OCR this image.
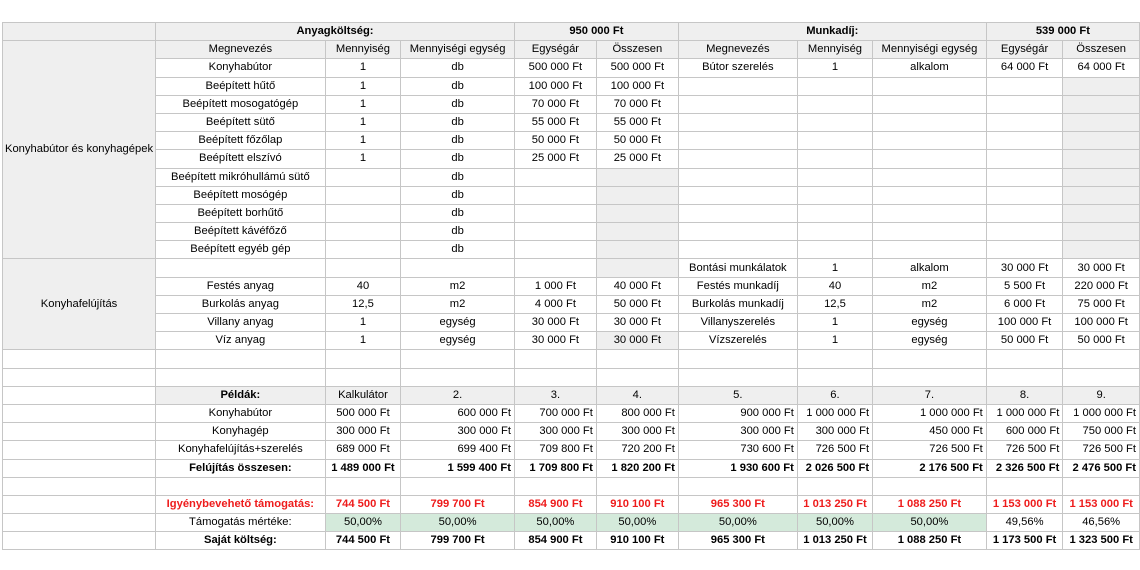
	Anyagköltség:			950 000 Ft		Munkadíj:			539 000 Ft	
Konyhabútor és konyhagépek	Megnevezés	Mennyiség	Mennyiségi egység	Egységár	Összesen	Megnevezés	Mennyiség	Mennyiségi egység	Egységár	Összesen
	Konyhabútor	1	db	500 000 Ft	500 000 Ft	Bútor szerelés	1	alkalom	64 000 Ft	64 000 Ft
	Beépített hűtő	1	db	100 000 Ft	100 000 Ft					
	Beépített mosogatógép	1	db	70 000 Ft	70 000 Ft					
	Beépített sütő	1	db	55 000 Ft	55 000 Ft					
	Beépített főzőlap	1	db	50 000 Ft	50 000 Ft					
	Beépített elszívó	1	db	25 000 Ft	25 000 Ft					
	Beépített mikróhullámú sütő		db							
	Beépített mosógép		db							
	Beépített borhűtő		db							
	Beépített kávéfőző		db							
	Beépített egyéb gép		db							
Konyhafelújítás						Bontási munkálatok	1	alkalom	30 000 Ft	30 000 Ft
	Festés anyag	40	m2	1 000 Ft	40 000 Ft	Festés munkadíj	40	m2	5 500 Ft	220 000 Ft
	Burkolás anyag	12,5	m2	4 000 Ft	50 000 Ft	Burkolás munkadíj	12,5	m2	6 000 Ft	75 000 Ft
	Villany anyag	1	egység	30 000 Ft	30 000 Ft	Villanyszerelés	1	egység	100 000 Ft	100 000 Ft
	Víz anyag	1	egység	30 000 Ft	30 000 Ft	Vízszerelés	1	egység	50 000 Ft	50 000 Ft

	Példák:	Kalkulátor	2.	3.	4.	5.	6.	7.	8.	9.
	Konyhabútor	500 000 Ft	600 000 Ft	700 000 Ft	800 000 Ft	900 000 Ft	1 000 000 Ft	1 000 000 Ft	1 000 000 Ft	1 000 000 Ft
	Konyhagép	300 000 Ft	300 000 Ft	300 000 Ft	300 000 Ft	300 000 Ft	300 000 Ft	450 000 Ft	600 000 Ft	750 000 Ft
	Konyhafelújítás+szerelés	689 000 Ft	699 400 Ft	709 800 Ft	720 200 Ft	730 600 Ft	726 500 Ft	726 500 Ft	726 500 Ft	726 500 Ft
	Felújítás összesen:	1 489 000 Ft	1 599 400 Ft	1 709 800 Ft	1 820 200 Ft	1 930 600 Ft	2 026 500 Ft	2 176 500 Ft	2 326 500 Ft	2 476 500 Ft

	Igyénybevehető támogatás:	744 500 Ft	799 700 Ft	854 900 Ft	910 100 Ft	965 300 Ft	1 013 250 Ft	1 088 250 Ft	1 153 000 Ft	1 153 000 Ft
	Támogatás mértéke:	50,00%	50,00%	50,00%	50,00%	50,00%	50,00%	50,00%	49,56%	46,56%
	Saját költség:	744 500 Ft	799 700 Ft	854 900 Ft	910 100 Ft	965 300 Ft	1 013 250 Ft	1 088 250 Ft	1 173 500 Ft	1 323 500 Ft
